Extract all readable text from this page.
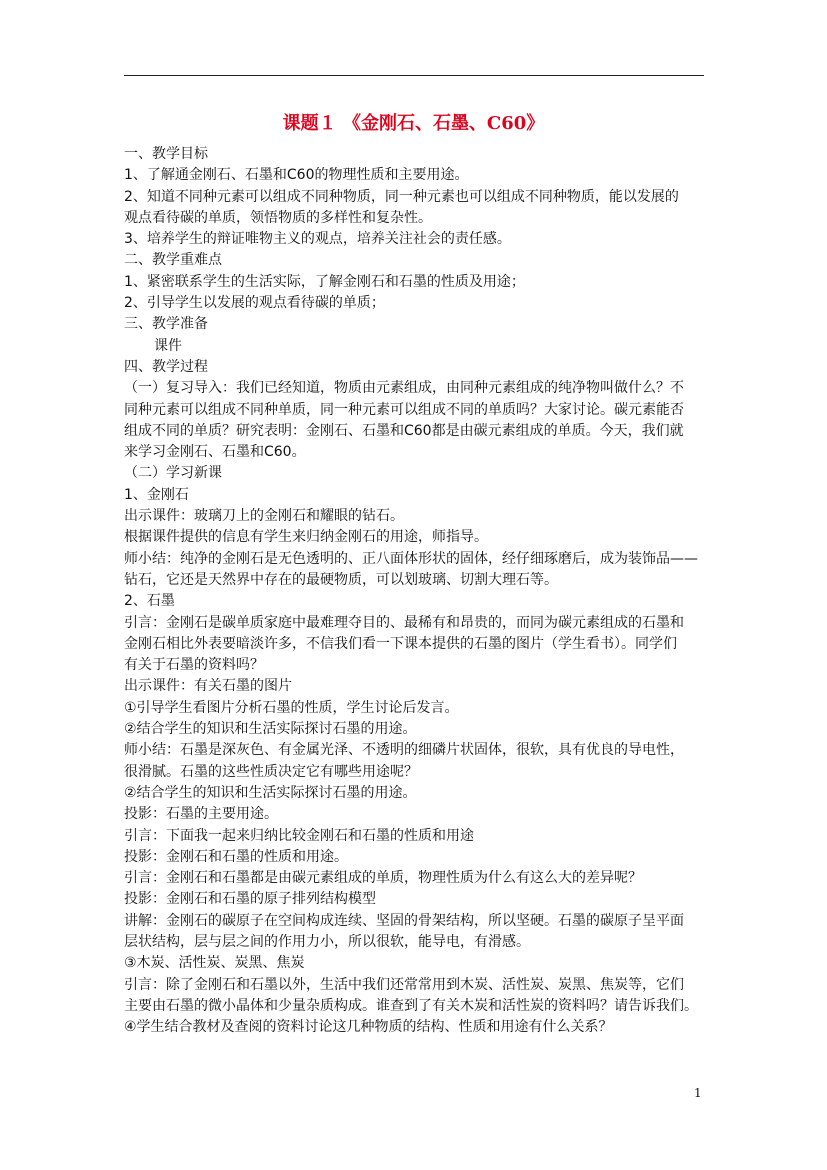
课题１ 《金刚石、石墨、C60》
一、教学目标
1、了解通金刚石、石墨和C60的物理性质和主要用途。
2、知道不同种元素可以组成不同种物质，同一种元素也可以组成不同种物质，能以发展的
观点看待碳的单质，领悟物质的多样性和复杂性。
3、培养学生的辩证唯物主义的观点，培养关注社会的责任感。
二、教学重难点
1、紧密联系学生的生活实际，了解金刚石和石墨的性质及用途；
2、引导学生以发展的观点看待碳的单质；
三、教学准备
课件
四、教学过程
（一）复习导入：我们已经知道，物质由元素组成，由同种元素组成的纯净物叫做什么？不
同种元素可以组成不同种单质，同一种元素可以组成不同的单质吗？大家讨论。碳元素能否
组成不同的单质？研究表明：金刚石、石墨和C60都是由碳元素组成的单质。今天，我们就
来学习金刚石、石墨和C60。
（二）学习新课
1、金刚石
出示课件：玻璃刀上的金刚石和耀眼的钻石。
根据课件提供的信息有学生来归纳金刚石的用途，师指导。
师小结：纯净的金刚石是无色透明的、正八面体形状的固体，经仔细琢磨后，成为装饰品——
钻石，它还是天然界中存在的最硬物质，可以划玻璃、切割大理石等。
2、石墨
引言：金刚石是碳单质家庭中最难理夺目的、最稀有和昂贵的，而同为碳元素组成的石墨和
金刚石相比外表要暗淡许多，不信我们看一下课本提供的石墨的图片（学生看书）。同学们
有关于石墨的资料吗？
出示课件：有关石墨的图片
①引导学生看图片分析石墨的性质，学生讨论后发言。
②结合学生的知识和生活实际探讨石墨的用途。
师小结：石墨是深灰色、有金属光泽、不透明的细磷片状固体，很软，具有优良的导电性，
很滑腻。石墨的这些性质决定它有哪些用途呢？
②结合学生的知识和生活实际探讨石墨的用途。
投影：石墨的主要用途。
引言：下面我一起来归纳比较金刚石和石墨的性质和用途
投影：金刚石和石墨的性质和用途。
引言：金刚石和石墨都是由碳元素组成的单质，物理性质为什么有这么大的差异呢？
投影：金刚石和石墨的原子排列结构模型
讲解：金刚石的碳原子在空间构成连续、坚固的骨架结构，所以坚硬。石墨的碳原子呈平面
层状结构，层与层之间的作用力小，所以很软，能导电，有滑感。
③木炭、活性炭、炭黑、焦炭
引言：除了金刚石和石墨以外，生活中我们还常常用到木炭、活性炭、炭黑、焦炭等，它们
主要由石墨的微小晶体和少量杂质构成。谁查到了有关木炭和活性炭的资料吗？请告诉我们。
④学生结合教材及查阅的资料讨论这几种物质的结构、性质和用途有什么关系？
1
